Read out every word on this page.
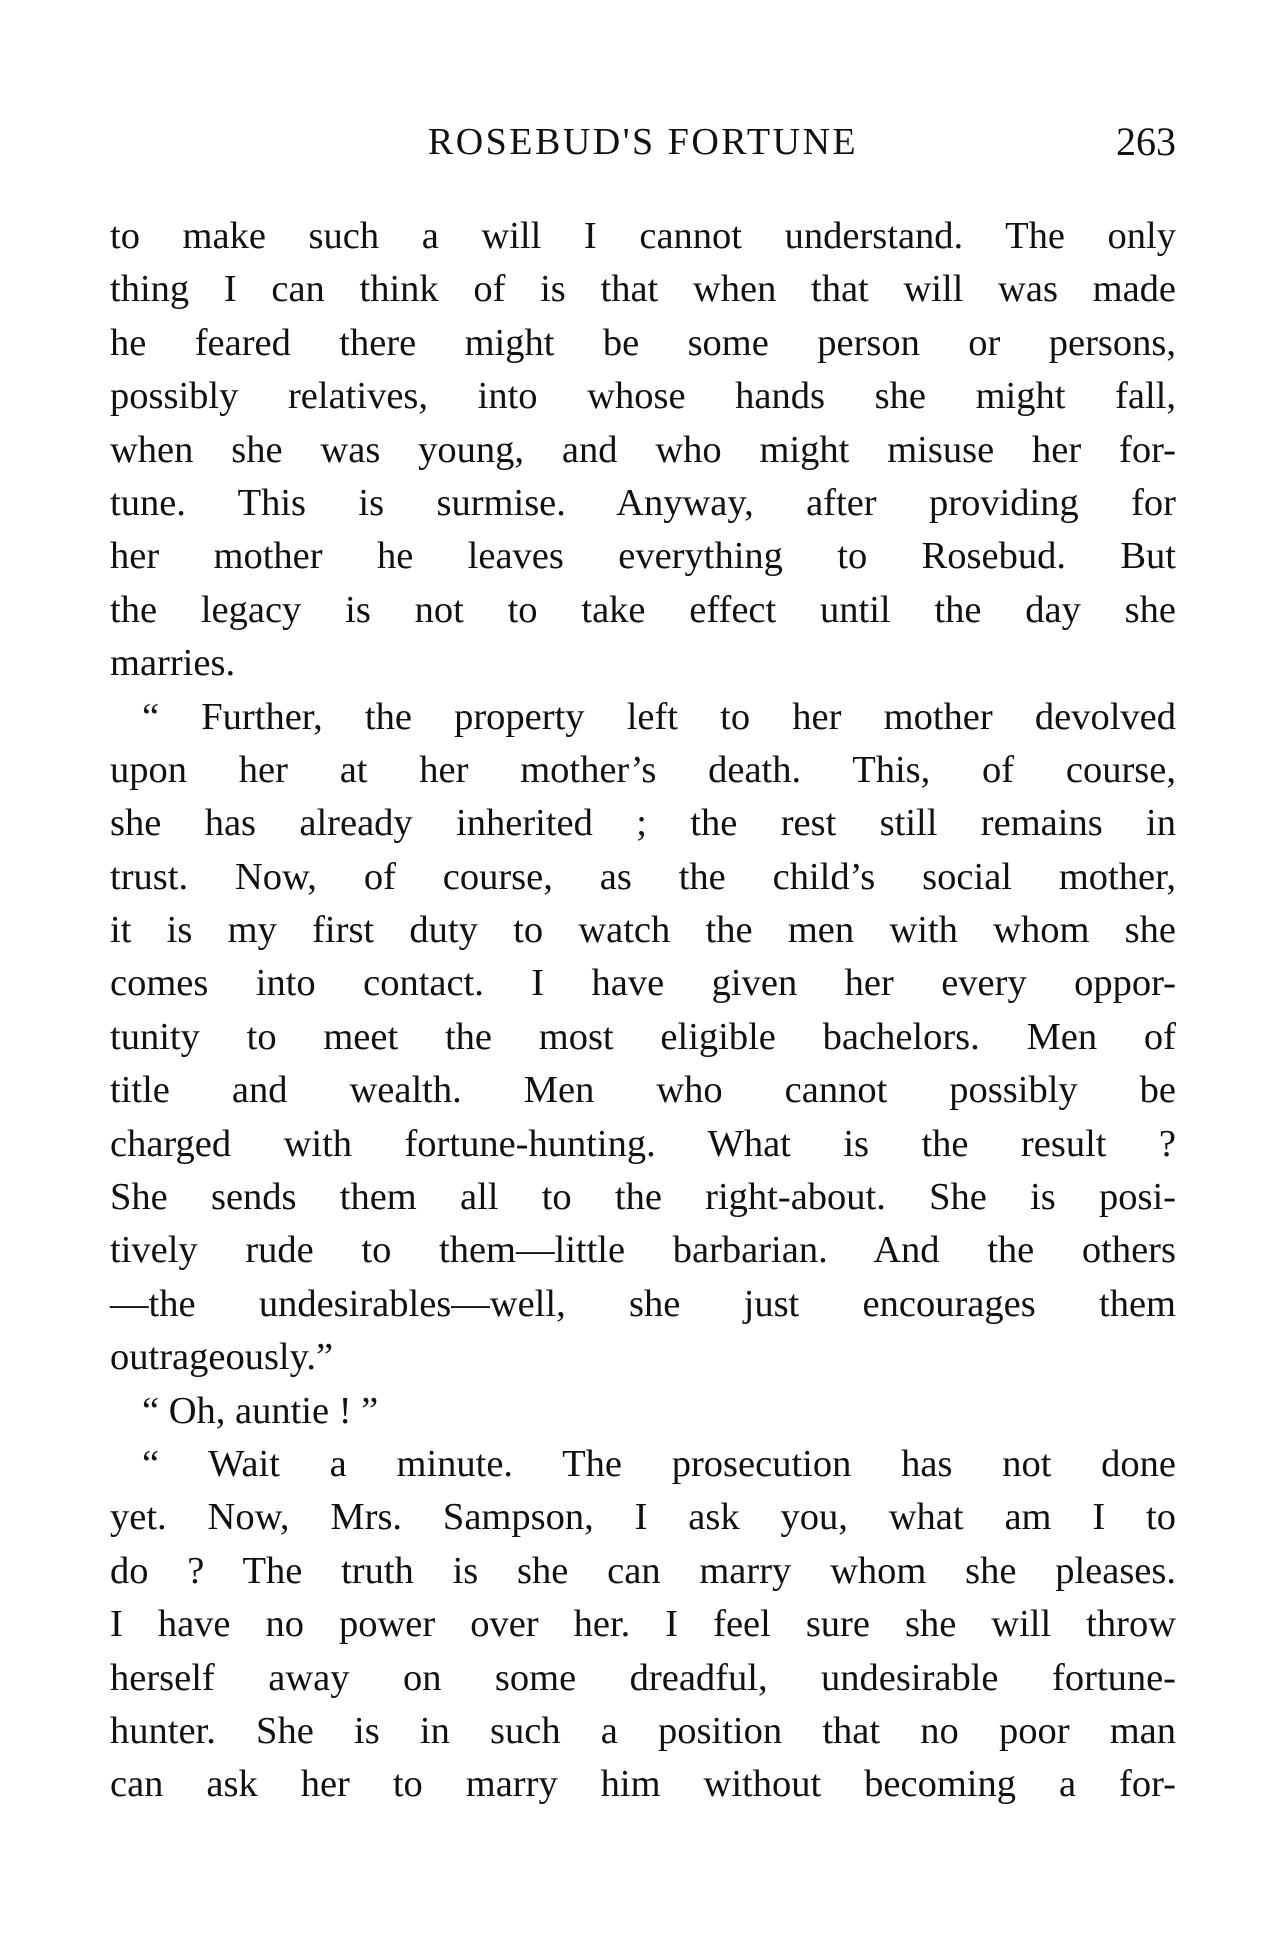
ROSEBUD'S FORTUNE	263
to make such a will I cannot understand. The only
thing I can think of is that when that will was made
he feared there might be some person or persons,
possibly relatives, into whose hands she might fall,
when she was young, and who might misuse her for-
tune. This is surmise. Anyway, after providing for
her mother he leaves everything to Rosebud. But
the legacy is not to take effect until the day she
marries.
“ Further, the property left to her mother devolved
upon her at her mother’s death. This, of course,
she has already inherited ; the rest still remains in
trust. Now, of course, as the child’s social mother,
it is my first duty to watch the men with whom she
comes into contact. I have given her every oppor-
tunity to meet the most eligible bachelors. Men of
title and wealth. Men who cannot possibly be
charged with fortune-hunting. What is the result ?
She sends them all to the right-about. She is posi-
tively rude to them—little barbarian. And the others
—the undesirables—well, she just encourages them
outrageously.”
“ Oh, auntie ! ”
“ Wait a minute. The prosecution has not done
yet. Now, Mrs. Sampson, I ask you, what am I to
do ? The truth is she can marry whom she pleases.
I have no power over her. I feel sure she will throw
herself away on some dreadful, undesirable fortune-
hunter. She is in such a position that no poor man
can ask her to marry him without becoming a for-
